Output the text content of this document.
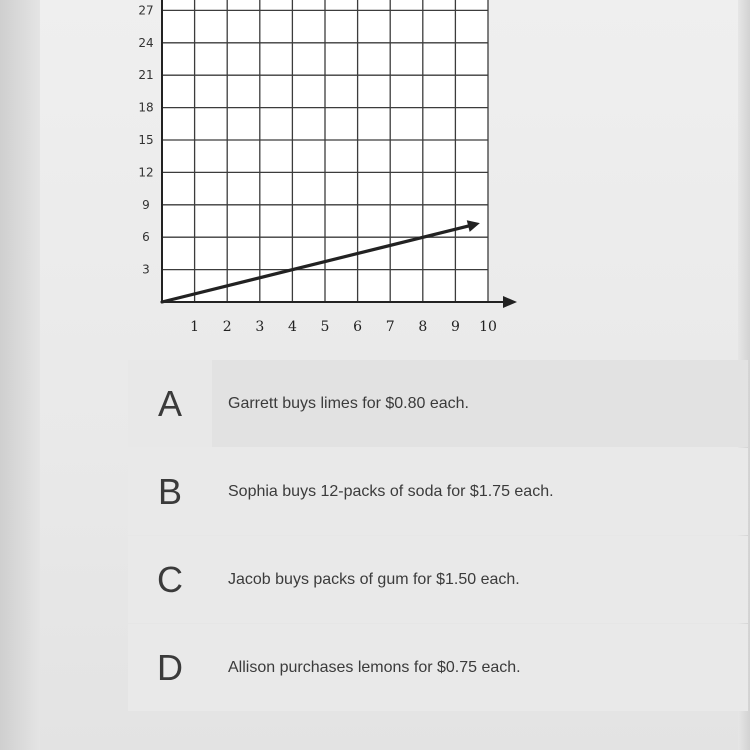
3
6
9
12
15
18
21
24
27
1 2 3 4 5 6 7 8 9 10
A	Garrett buys limes for $0.80 each.
B	Sophia buys 12-packs of soda for $1.75 each.
C	Jacob buys packs of gum for $1.50 each.
D	Allison purchases lemons for $0.75 each.
